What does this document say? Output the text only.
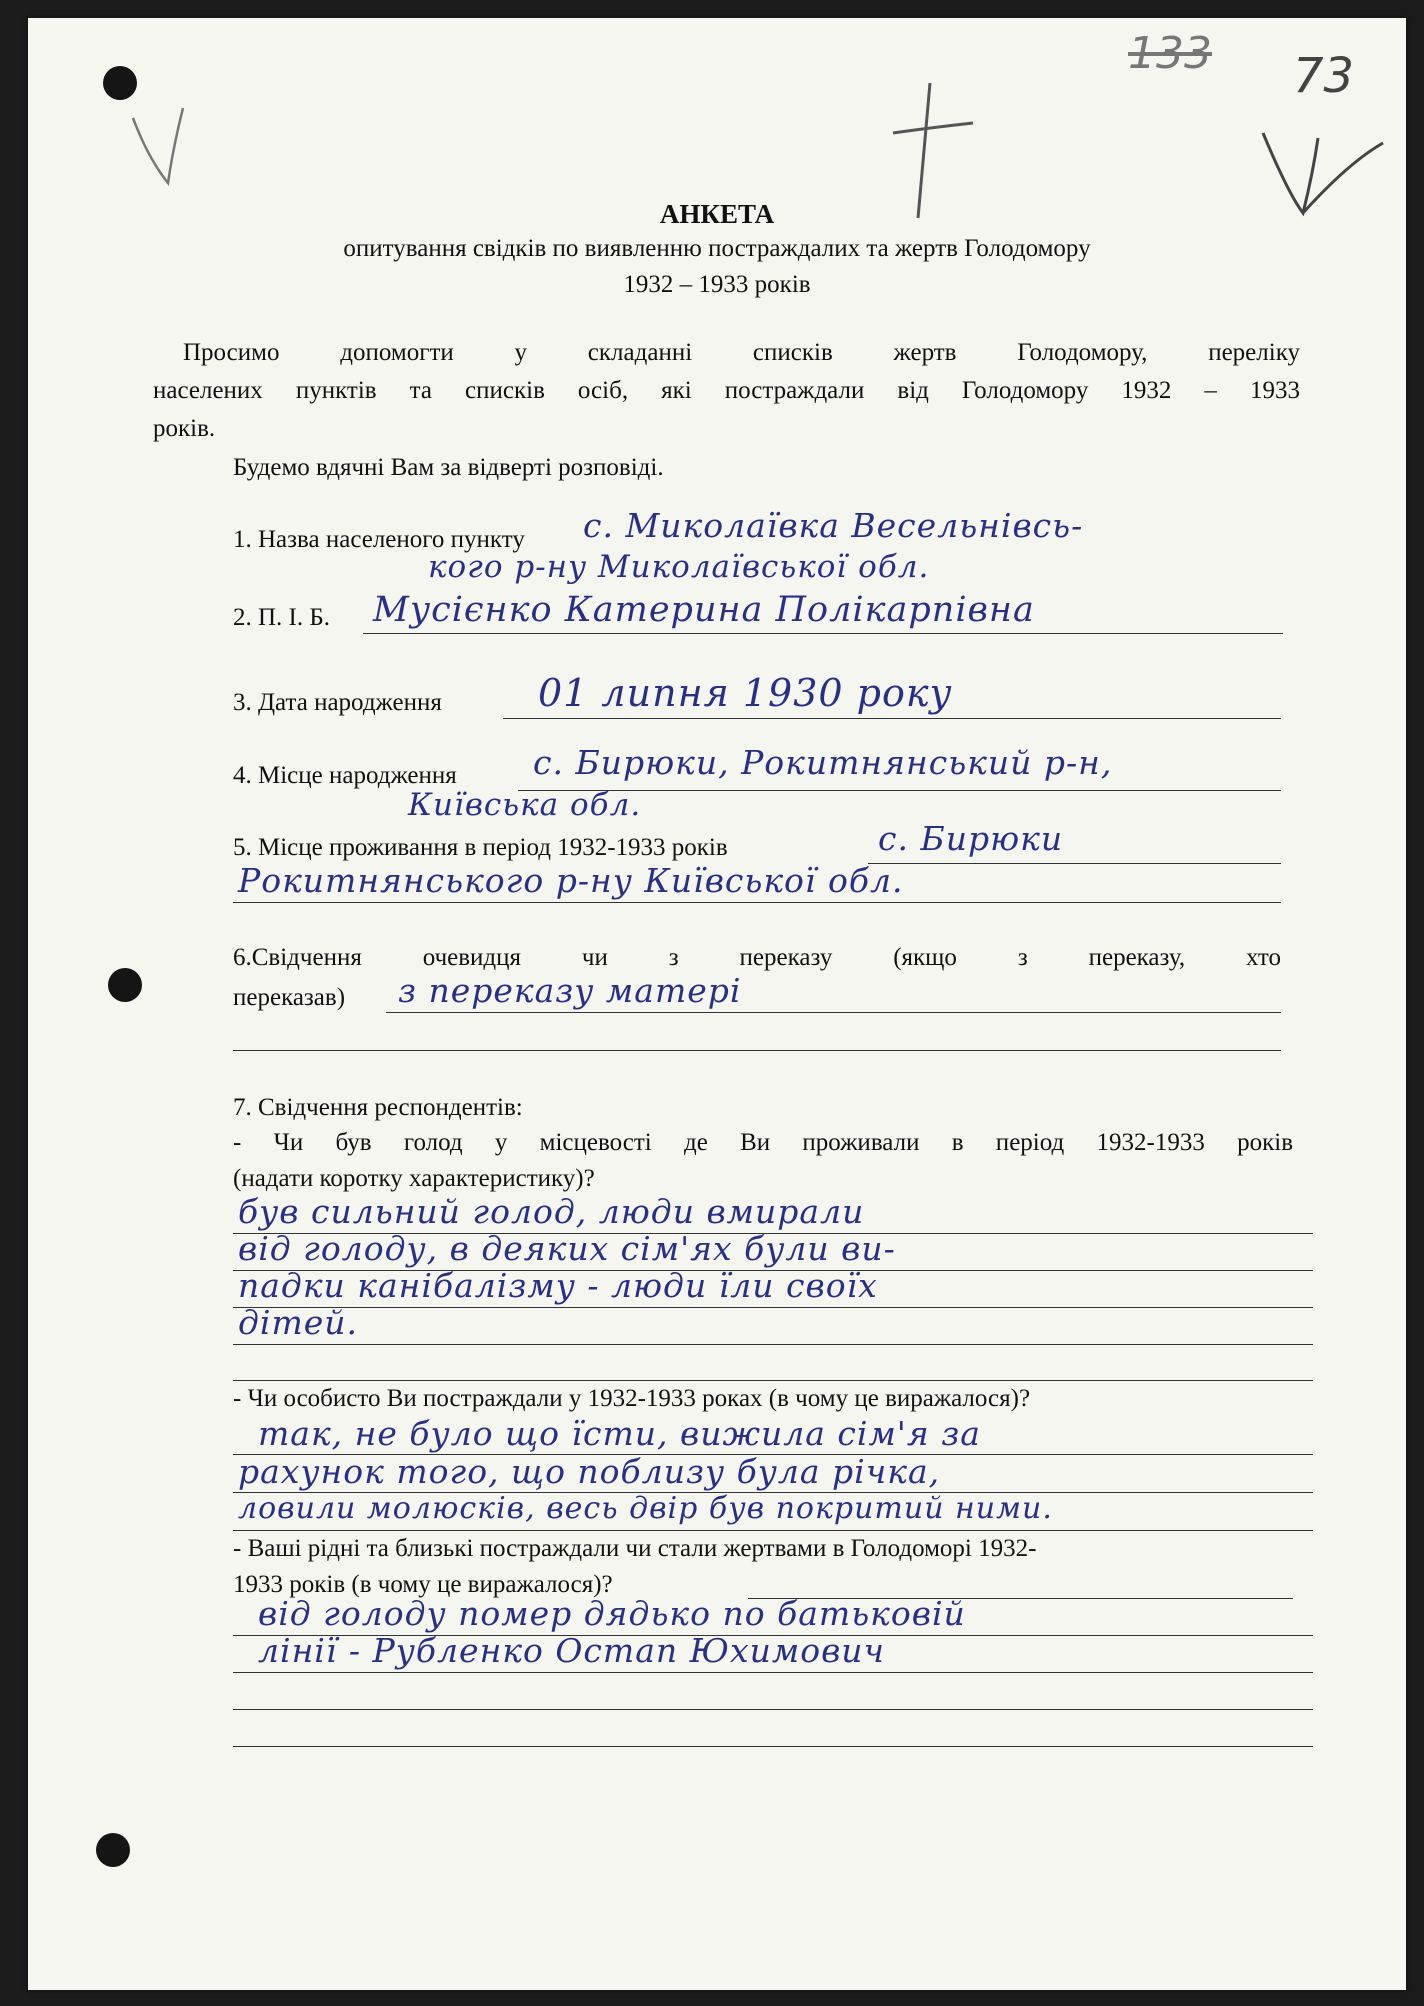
133 73
АНКЕТА
опитування свідків по виявленню постраждалих та жертв Голодомору
1932 – 1933 років
Просимо допомогти у складанні списків жертв Голодомору, переліку
населених пунктів та списків осіб, які постраждали від Голодомору 1932 – 1933
років.
Будемо вдячні Вам за відверті розповіді.
1. Назва населеного пункту с. Миколаївка Весельнівсь-
кого р-ну Миколаївської обл.
2. П. І. Б. Мусієнко Катерина Полікарпівна
3. Дата народження	01 липня 1930 року
4. Місце народження с. Бирюки, Рокитнянський р-н,
Київська обл.
5. Місце проживання в період 1932-1933 років	с. Бирюки
Рокитнянського р-ну Київської обл.
6.Свідчення очевидця чи з переказу (якщо з переказу, хто
переказав) з переказу матері
7. Свідчення респондентів:
- Чи був голод у місцевості де Ви проживали в період 1932-1933 років
(надати коротку характеристику)?
був сильний голод, люди вмирали
від голоду, в деяких сім'ях були ви-
падки канібалізму - люди їли своїх
дітей.
- Чи особисто Ви постраждали у 1932-1933 роках (в чому це виражалося)?
так, не було що їсти, вижила сім'я за
рахунок того, що поблизу була річка,
ловили молюсків, весь двір був покритий ними.
- Ваші рідні та близькі постраждали чи стали жертвами в Голодоморі 1932-
1933 років (в чому це виражалося)?
від голоду помер дядько по батьковій
лінії - Рубленко Остап Юхимович
